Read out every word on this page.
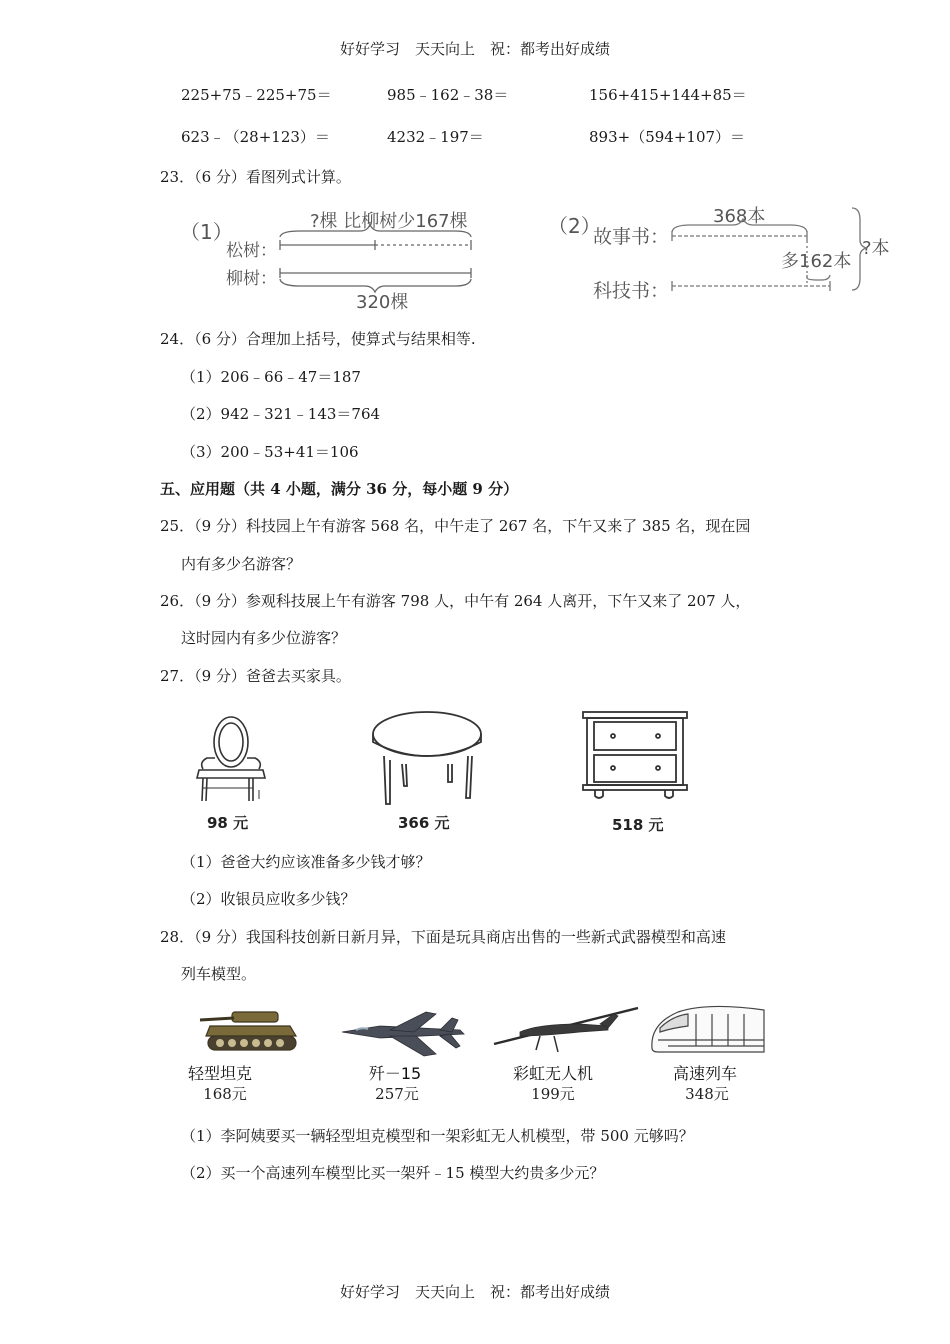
好好学习　天天向上　祝：都考出好成绩
225+75﹣225+75＝	985﹣162﹣38＝	156+415+144+85＝
623﹣（28+123）＝	4232﹣197＝	893+（594+107）＝
23．（6 分）看图列式计算。
（1）
松树：
柳树：
?棵 比柳树少167棵
320棵
（2）
故事书：
科技书：
368本
多162本
?本
24．（6 分）合理加上括号，使算式与结果相等.
（1）206﹣66﹣47＝187
（2）942﹣321﹣143＝764
（3）200﹣53+41＝106
五、应用题（共 4 小题，满分 36 分，每小题 9 分）
25．（9 分）科技园上午有游客 568 名，中午走了 267 名，下午又来了 385 名，现在园
内有多少名游客？
26．（9 分）参观科技展上午有游客 798 人，中午有 264 人离开，下午又来了 207 人，
这时园内有多少位游客？
27．（9 分）爸爸去买家具。
98 元	366 元	518 元
（1）爸爸大约应该准备多少钱才够？
（2）收银员应收多少钱？
28．（9 分）我国科技创新日新月异，下面是玩具商店出售的一些新式武器模型和高速
列车模型。
轻型坦克
168元
歼－15
257元
彩虹无人机
199元
高速列车
348元
（1）李阿姨要买一辆轻型坦克模型和一架彩虹无人机模型，带 500 元够吗？
（2）买一个高速列车模型比买一架歼﹣15 模型大约贵多少元？
好好学习　天天向上　祝：都考出好成绩
